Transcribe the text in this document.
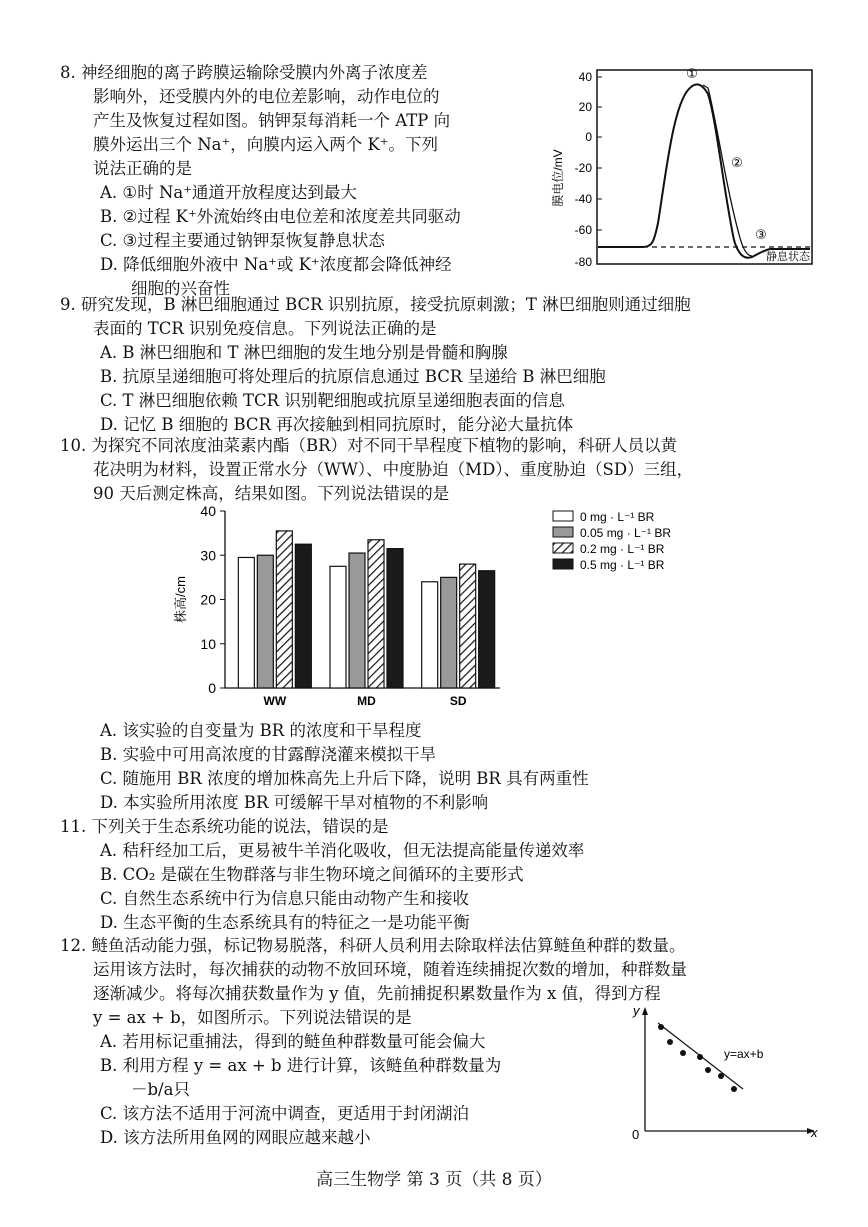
8. 神经细胞的离子跨膜运输除受膜内外离子浓度差
影响外，还受膜内外的电位差影响，动作电位的
产生及恢复过程如图。钠钾泵每消耗一个 ATP 向
膜外运出三个 Na⁺，向膜内运入两个 K⁺。下列
说法正确的是
A. ①时 Na⁺通道开放程度达到最大
B. ②过程 K⁺外流始终由电位差和浓度差共同驱动
C. ③过程主要通过钠钾泵恢复静息状态
D. 降低细胞外液中 Na⁺或 K⁺浓度都会降低神经
细胞的兴奋性
膜电位/mV
40
20
0
-20
-40
-60
-80
①
②
③
静息状态
9. 研究发现，B 淋巴细胞通过 BCR 识别抗原，接受抗原刺激；T 淋巴细胞则通过细胞
表面的 TCR 识别免疫信息。下列说法正确的是
A. B 淋巴细胞和 T 淋巴细胞的发生地分别是骨髓和胸腺
B. 抗原呈递细胞可将处理后的抗原信息通过 BCR 呈递给 B 淋巴细胞
C. T 淋巴细胞依赖 TCR 识别靶细胞或抗原呈递细胞表面的信息
D. 记忆 B 细胞的 BCR 再次接触到相同抗原时，能分泌大量抗体
10. 为探究不同浓度油菜素内酯（BR）对不同干旱程度下植物的影响，科研人员以黄
花决明为材料，设置正常水分（WW）、中度胁迫（MD）、重度胁迫（SD）三组，
90 天后测定株高，结果如图。下列说法错误的是
0
10
20
30
40
株高/cm
WW	MD	SD
0 mg · L⁻¹ BR
0.05 mg · L⁻¹ BR
0.2 mg · L⁻¹ BR
0.5 mg · L⁻¹ BR
A. 该实验的自变量为 BR 的浓度和干旱程度
B. 实验中可用高浓度的甘露醇浇灌来模拟干旱
C. 随施用 BR 浓度的增加株高先上升后下降，说明 BR 具有两重性
D. 本实验所用浓度 BR 可缓解干旱对植物的不利影响
11. 下列关于生态系统功能的说法，错误的是
A. 秸秆经加工后，更易被牛羊消化吸收，但无法提高能量传递效率
B. CO₂ 是碳在生物群落与非生物环境之间循环的主要形式
C. 自然生态系统中行为信息只能由动物产生和接收
D. 生态平衡的生态系统具有的特征之一是功能平衡
12. 鲢鱼活动能力强，标记物易脱落，科研人员利用去除取样法估算鲢鱼种群的数量。
运用该方法时，每次捕获的动物不放回环境，随着连续捕捉次数的增加，种群数量
逐渐减少。将每次捕获数量作为 y 值，先前捕捉积累数量作为 x 值，得到方程
y = ax + b，如图所示。下列说法错误的是
A. 若用标记重捕法，得到的鲢鱼种群数量可能会偏大
B. 利用方程 y = ax + b 进行计算，该鲢鱼种群数量为
－b/a只
C. 该方法不适用于河流中调查，更适用于封闭湖泊
D. 该方法所用鱼网的网眼应越来越小
y
x
0
y=ax+b
高三生物学 第 3 页（共 8 页）
